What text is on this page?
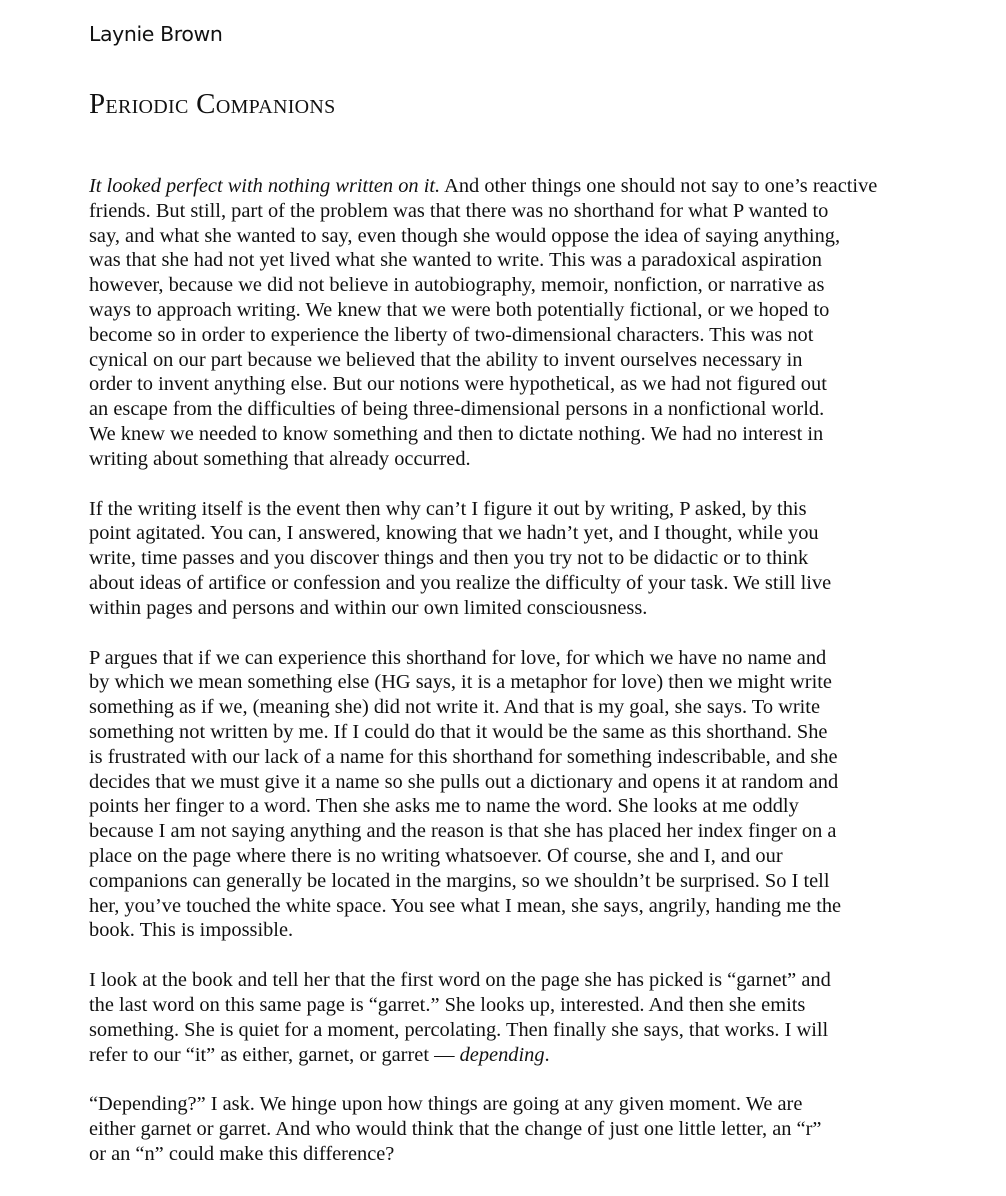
Laynie Brown
Periodic Companions

It looked perfect with nothing written on it. And other things one should not say to one’s reactive
friends. But still, part of the problem was that there was no shorthand for what P wanted to
say, and what she wanted to say, even though she would oppose the idea of saying anything,
was that she had not yet lived what she wanted to write. This was a paradoxical aspiration
however, because we did not believe in autobiography, memoir, nonfiction, or narrative as
ways to approach writing. We knew that we were both potentially fictional, or we hoped to
become so in order to experience the liberty of two-dimensional characters. This was not
cynical on our part because we believed that the ability to invent ourselves necessary in
order to invent anything else. But our notions were hypothetical, as we had not figured out
an escape from the difficulties of being three-dimensional persons in a nonfictional world.
We knew we needed to know something and then to dictate nothing. We had no interest in
writing about something that already occurred.

If the writing itself is the event then why can’t I figure it out by writing, P asked, by this
point agitated. You can, I answered, knowing that we hadn’t yet, and I thought, while you
write, time passes and you discover things and then you try not to be didactic or to think
about ideas of artifice or confession and you realize the difficulty of your task. We still live
within pages and persons and within our own limited consciousness.

P argues that if we can experience this shorthand for love, for which we have no name and
by which we mean something else (HG says, it is a metaphor for love) then we might write
something as if we, (meaning she) did not write it. And that is my goal, she says. To write
something not written by me. If I could do that it would be the same as this shorthand. She
is frustrated with our lack of a name for this shorthand for something indescribable, and she
decides that we must give it a name so she pulls out a dictionary and opens it at random and
points her finger to a word. Then she asks me to name the word. She looks at me oddly
because I am not saying anything and the reason is that she has placed her index finger on a
place on the page where there is no writing whatsoever. Of course, she and I, and our
companions can generally be located in the margins, so we shouldn’t be surprised. So I tell
her, you’ve touched the white space. You see what I mean, she says, angrily, handing me the
book. This is impossible.

I look at the book and tell her that the first word on the page she has picked is “garnet” and
the last word on this same page is “garret.” She looks up, interested. And then she emits
something. She is quiet for a moment, percolating. Then finally she says, that works. I will
refer to our “it” as either, garnet, or garret — depending.

“Depending?” I ask. We hinge upon how things are going at any given moment. We are
either garnet or garret. And who would think that the change of just one little letter, an “r”
or an “n” could make this difference?
